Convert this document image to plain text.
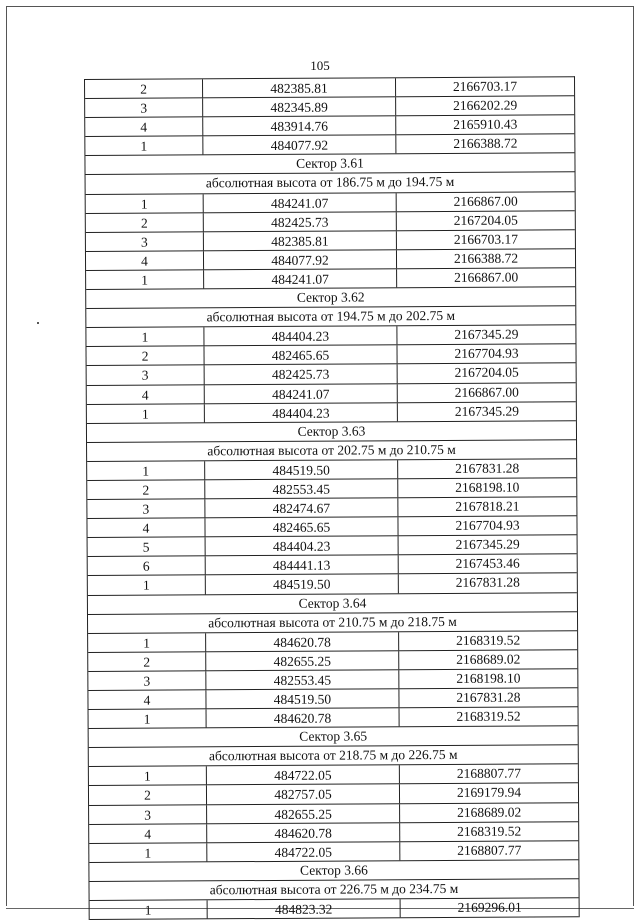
105
2	482385.81	2166703.17
3	482345.89	2166202.29
4	483914.76	2165910.43
1	484077.92	2166388.72
Сектор 3.61
абсолютная высота от 186.75 м до 194.75 м
1	484241.07	2166867.00
2	482425.73	2167204.05
3	482385.81	2166703.17
4	484077.92	2166388.72
1	484241.07	2166867.00
Сектор 3.62
абсолютная высота от 194.75 м до 202.75 м
1	484404.23	2167345.29
2	482465.65	2167704.93
3	482425.73	2167204.05
4	484241.07	2166867.00
1	484404.23	2167345.29
Сектор 3.63
абсолютная высота от 202.75 м до 210.75 м
1	484519.50	2167831.28
2	482553.45	2168198.10
3	482474.67	2167818.21
4	482465.65	2167704.93
5	484404.23	2167345.29
6	484441.13	2167453.46
1	484519.50	2167831.28
Сектор 3.64
абсолютная высота от 210.75 м до 218.75 м
1	484620.78	2168319.52
2	482655.25	2168689.02
3	482553.45	2168198.10
4	484519.50	2167831.28
1	484620.78	2168319.52
Сектор 3.65
абсолютная высота от 218.75 м до 226.75 м
1	484722.05	2168807.77
2	482757.05	2169179.94
3	482655.25	2168689.02
4	484620.78	2168319.52
1	484722.05	2168807.77
Сектор 3.66
абсолютная высота от 226.75 м до 234.75 м
1	484823.32	2169296.01
